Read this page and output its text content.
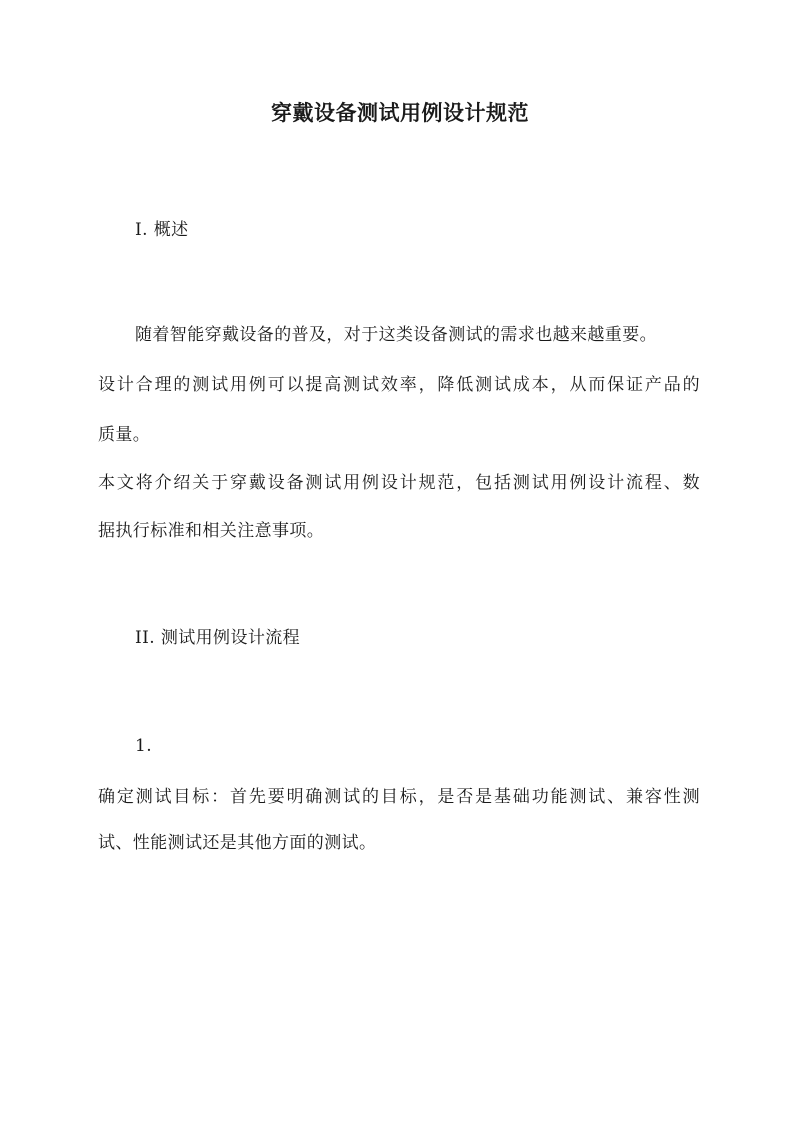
穿戴设备测试用例设计规范
I. 概述
随着智能穿戴设备的普及，对于这类设备测试的需求也越来越重要。
设计合理的测试用例可以提高测试效率，降低测试成本，从而保证产品的
质量。
本文将介绍关于穿戴设备测试用例设计规范，包括测试用例设计流程、数
据执行标准和相关注意事项。
II. 测试用例设计流程
1.
确定测试目标：首先要明确测试的目标，是否是基础功能测试、兼容性测
试、性能测试还是其他方面的测试。
